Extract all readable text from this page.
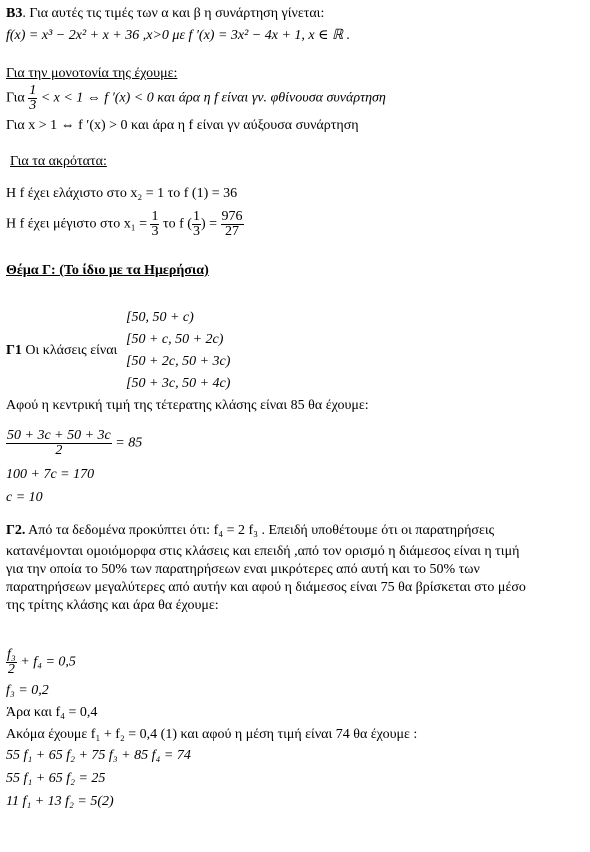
B3. Για αυτές τις τιμές των α και β η συνάρτηση γίνεται:
f(x) = x³ − 2x² + x + 36 ,x>0 με f ′(x) = 3x² − 4x + 1, x ∈ ℝ .
Για την μονοτονία της έχουμε:
Για $\frac{1}{3} < x < 1$ ⇔ f ′(x) < 0 και άρα η f είναι γν. φθίνουσα συνάρτηση
Για x > 1 ⇔ f ′(x) > 0 και άρα η f είναι γν αύξουσα συνάρτηση
Για τα ακρότατα:
Η f έχει ελάχιστο στο x₂ = 1 το f (1) = 36
Η f έχει μέγιστο στο $x_1 = \frac{1}{3}$ το f ( $\frac{1}{3}$ ) = $\frac{976}{27}$
Θέμα Γ: (Το ίδιο με τα Ημερήσια)
[50, 50 + c)
[50 + c, 50 + 2c)
Γ1 Οι κλάσεις είναι
[50 + 2c, 50 + 3c)
[50 + 3c, 50 + 4c)
Αφού η κεντρική τιμή της τέτερατης κλάσης είναι 85 θα έχουμε:
$\frac{50 + 3c + 50 + 3c}{2} = 85$
100 + 7c = 170
c = 10
Γ2. Από τα δεδομένα προκύπτει ότι: f₄ = 2 f₃ . Επειδή υποθέτουμε ότι οι παρατηρήσεις
κατανέμονται ομοιόμορφα στις κλάσεις και επειδή ,από τον ορισμό η διάμεσος είναι η τιμή
για την οποία το 50% των παρατηρήσεων εναι μικρότερες από αυτή και το 50% των
παρατηρήσεων μεγαλύτερες από αυτήν και αφού η διάμεσος είναι 75 θα βρίσκεται στο μέσο
της τρίτης κλάσης και άρα θα έχουμε:
$\frac{\text{f₃}}{2} + f_4 = 0,5$
f₃ = 0,2
Άρα και f₄ = 0,4
Ακόμα έχουμε f₁ + f₂ = 0,4 (1) και αφού η μέση τιμή είναι 74 θα έχουμε :
55 f₁ + 65 f₂ + 75 f₃ + 85 f₄ = 74
55 f₁ + 65 f₂ = 25
11 f₁ + 13 f₂ = 5(2)
